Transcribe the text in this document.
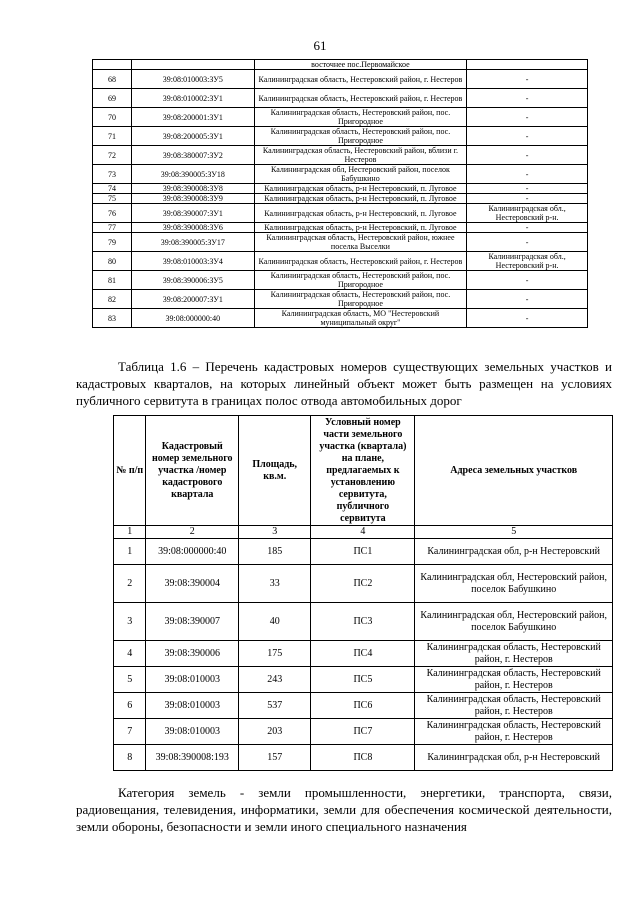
61
		восточнее пос.Первомайское	
68	39:08:010003:ЗУ5	Калининградская область, Нестеровский район, г. Нестеров	-
69	39:08:010002:ЗУ1	Калининградская область, Нестеровский район, г. Нестеров	-
70	39:08:200001:ЗУ1	Калининградская область, Нестеровский район, пос. Пригородное	-
71	39:08:200005:ЗУ1	Калининградская область, Нестеровский район, пос. Пригородное	-
72	39:08:380007:ЗУ2	Калининградская область, Нестеровский район, вблизи г. Нестеров	-
73	39:08:390005:ЗУ18	Калининградская обл, Нестеровский район, поселок Бабушкино	-
74	39:08:390008:ЗУ8	Калининградская область, р-н Нестеровский, п. Луговое	-
75	39:08:390008:ЗУ9	Калининградская область, р-н Нестеровский, п. Луговое	-
76	39:08:390007:ЗУ1	Калининградская область, р-н Нестеровский, п. Луговое	Калининградская обл., Нестеровский р-н.
77	39:08:390008:ЗУ6	Калининградская область, р-н Нестеровский, п. Луговое	-
79	39:08:390005:ЗУ17	Калининградская область, Нестеровский район, южнее поселка Выселки	-
80	39:08:010003:ЗУ4	Калининградская область, Нестеровский район, г. Нестеров	Калининградская обл., Нестеровский р-н.
81	39:08:390006:ЗУ5	Калининградская область, Нестеровский район, пос. Пригородное	-
82	39:08:200007:ЗУ1	Калининградская область, Нестеровский район, пос. Пригородное	-
83	39:08:000000:40	Калининградская область, МО "Нестеровский муниципальный округ"	-
Таблица 1.6 – Перечень кадастровых номеров существующих земельных участков и кадастровых кварталов, на которых линейный объект может быть размещен на условиях публичного сервитута в границах полос отвода автомобильных дорог
№ п/п	Кадастровый номер земельного участка /номер кадастрового квартала	Площадь, кв.м.	Условный номер части земельного участка (квартала) на плане, предлагаемых к установлению сервитута, публичного сервитута	Адреса земельных участков
1	2	3	4	5
1	39:08:000000:40	185	ПС1	Калининградская обл, р-н Нестеровский
2	39:08:390004	33	ПС2	Калининградская обл, Нестеровский район, поселок Бабушкино
3	39:08:390007	40	ПС3	Калининградская обл, Нестеровский район, поселок Бабушкино
4	39:08:390006	175	ПС4	Калининградская область, Нестеровский район, г. Нестеров
5	39:08:010003	243	ПС5	Калининградская область, Нестеровский район, г. Нестеров
6	39:08:010003	537	ПС6	Калининградская область, Нестеровский район, г. Нестеров
7	39:08:010003	203	ПС7	Калининградская область, Нестеровский район, г. Нестеров
8	39:08:390008:193	157	ПС8	Калининградская обл, р-н Нестеровский
Категория земель - земли промышленности, энергетики, транспорта, связи, радиовещания, телевидения, информатики, земли для обеспечения космической деятельности, земли обороны, безопасности и земли иного специального назначения
